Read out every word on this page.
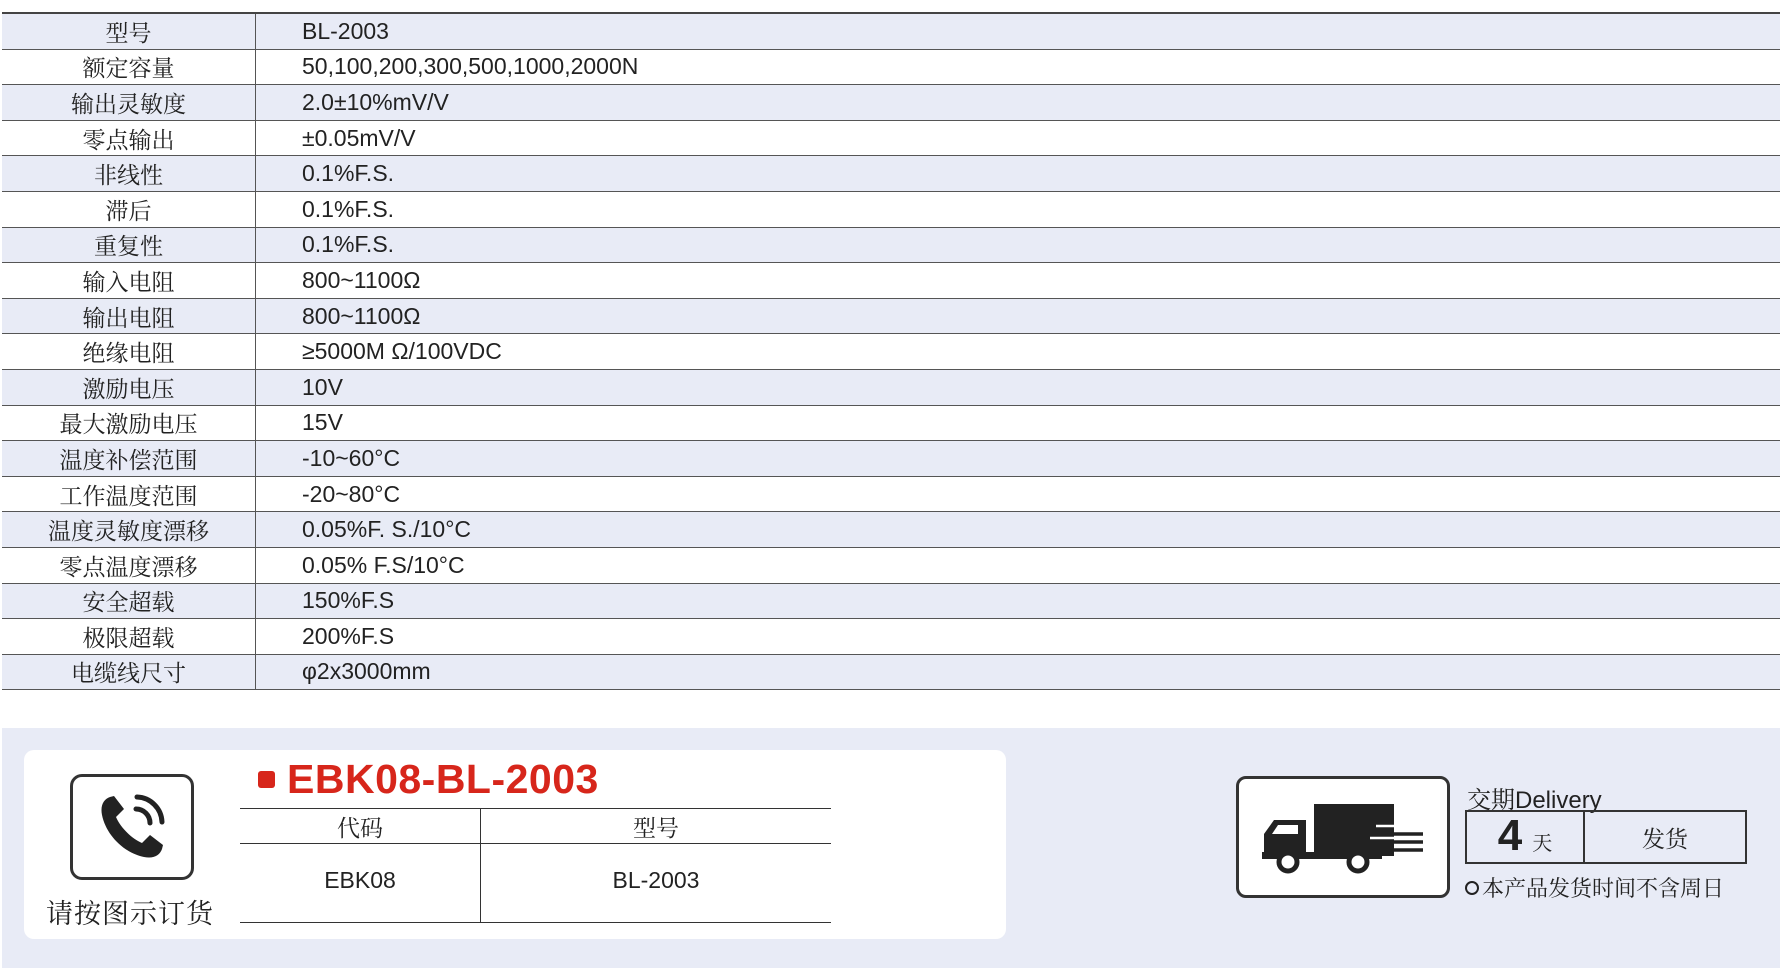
型号	BL-2003
额定容量	50,100,200,300,500,1000,2000N
输出灵敏度	2.0±10%mV/V
零点输出	±0.05mV/V
非线性	0.1%F.S.
滞后	0.1%F.S.
重复性	0.1%F.S.
输入电阻	800~1100Ω
输出电阻	800~1100Ω
绝缘电阻	≥5000M Ω/100VDC
激励电压	10V
最大激励电压	15V
温度补偿范围	-10~60°C
工作温度范围	-20~80°C
温度灵敏度漂移	0.05%F. S./10°C
零点温度漂移	0.05% F.S/10°C
安全超载	150%F.S
极限超载	200%F.S
电缆线尺寸	φ2x3000mm
请按图示订货
EBK08-BL-2003
代码	型号
EBK08	BL-2003
交期Delivery
4 天	发货
本产品发货时间不含周日
